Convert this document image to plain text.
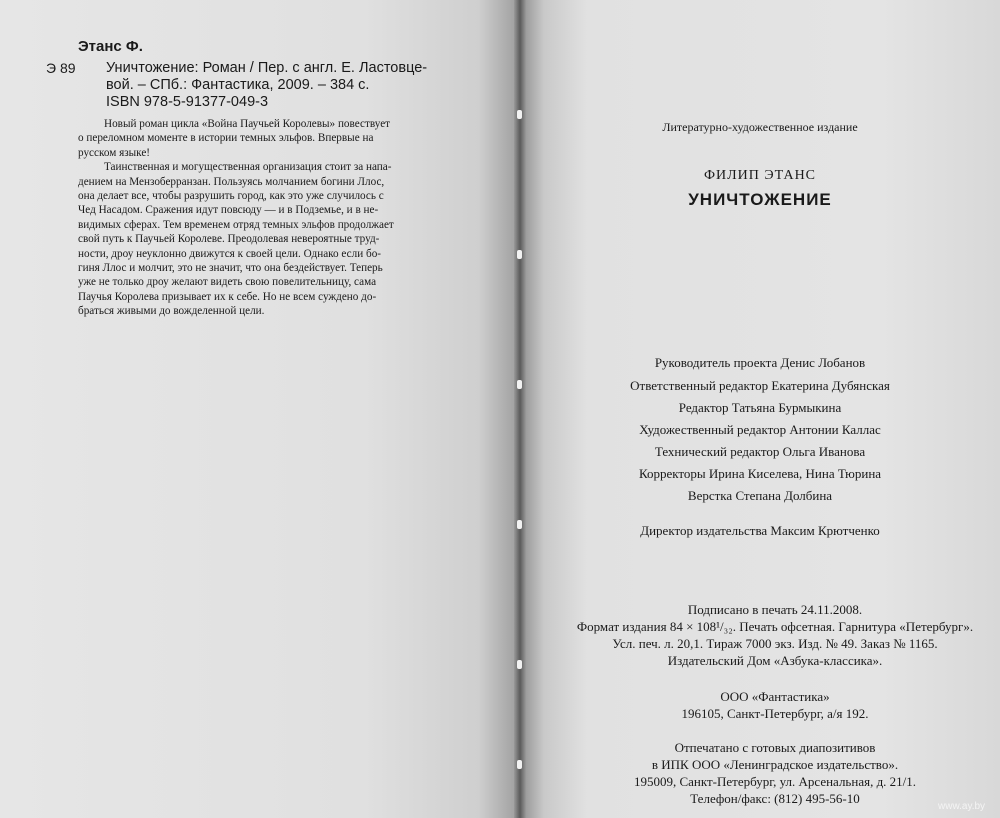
Этанс Ф.
Э 89 Уничтожение: Роман / Пер. с англ. Е. Ластовце-
вой. – СПб.: Фантастика, 2009. – 384 с.
ISBN 978-5-91377-049-3
Новый роман цикла «Война Паучьей Королевы» повествует
о переломном моменте в истории темных эльфов. Впервые на
русском языке!
Таинственная и могущественная организация стоит за напа-
дением на Мензоберранзан. Пользуясь молчанием богини Ллос,
она делает все, чтобы разрушить город, как это уже случилось с
Чед Насадом. Сражения идут повсюду — и в Подземье, и в не-
видимых сферах. Тем временем отряд темных эльфов продолжает
свой путь к Паучьей Королеве. Преодолевая невероятные труд-
ности, дроу неуклонно движутся к своей цели. Однако если бо-
гиня Ллос и молчит, это не значит, что она бездействует. Теперь
уже не только дроу желают видеть свою повелительницу, сама
Паучья Королева призывает их к себе. Но не всем суждено до-
браться живыми до вожделенной цели.
Литературно-художественное издание
ФИЛИП ЭТАНС
УНИЧТОЖЕНИЕ
Руководитель проекта Денис Лобанов
Ответственный редактор Екатерина Дубянская
Редактор Татьяна Бурмыкина
Художественный редактор Антонии Каллас
Технический редактор Ольга Иванова
Корректоры Ирина Киселева, Нина Тюрина
Верстка Степана Долбина
Директор издательства Максим Крютченко
Подписано в печать 24.11.2008.
Формат издания 84 × 108¹/₃₂. Печать офсетная. Гарнитура «Петербург».
Усл. печ. л. 20,1. Тираж 7000 экз. Изд. № 49. Заказ № 1165.
Издательский Дом «Азбука-классика».
ООО «Фантастика»
196105, Санкт-Петербург, а/я 192.
Отпечатано с готовых диапозитивов
в ИПК ООО «Ленинградское издательство».
195009, Санкт-Петербург, ул. Арсенальная, д. 21/1.
Телефон/факс: (812) 495-56-10
www.ay.by
